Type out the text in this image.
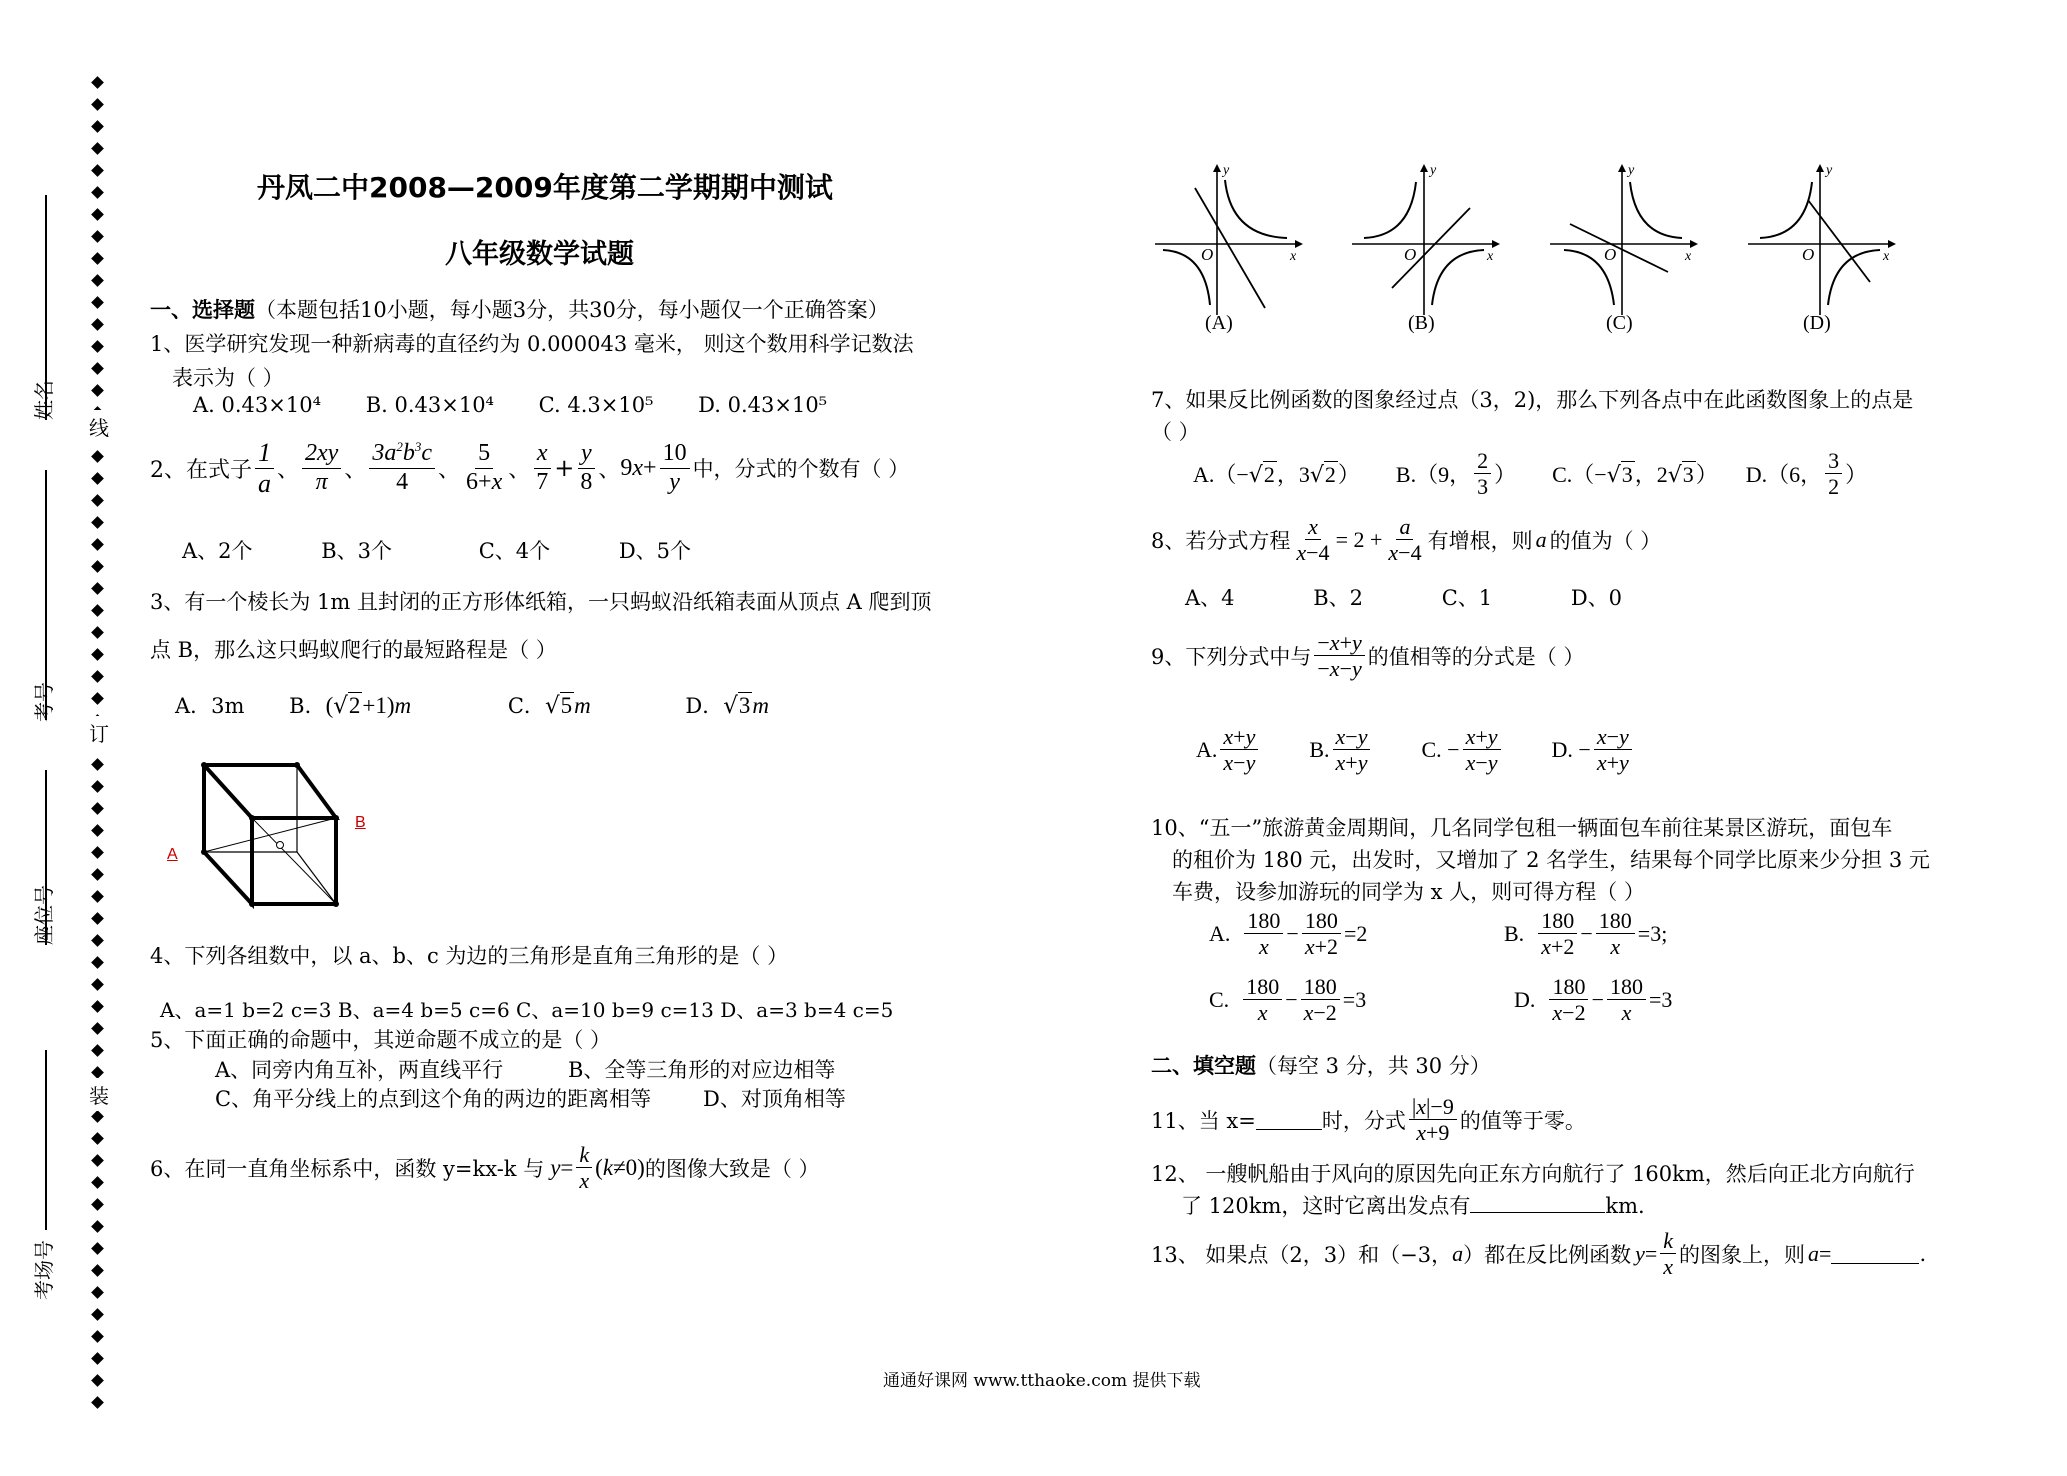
姓名
考号
座位号
考场号
线
订
装
丹凤二中2008—2009年度第二学期期中测试
八年级数学试题
一、选择题（本题包括10小题，每小题3分，共30分，每小题仅一个正确答案）
1、医学研究发现一种新病毒的直径约为 0.000043 毫米， 则这个数用科学记数法
表示为（ ）
A. 0.43×10⁴ B. 0.43×10⁴ C. 4.3×10⁵ D. 0.43×10⁵
2、在式子 $\frac{1}{a}$ 、 $\frac{2xy}{\pi}$ 、 $\frac{3a^2b^3c}{4}$ 、 $\frac{5}{6+x}$ 、 $\frac{x}{7} + \frac{y}{8}$ 、 $9x+ \frac{10}{y}$ 中，分式的个数有（ ）
A、2个	B、3个	C、4个	D、5个
3、有一个棱长为 1m 且封闭的正方形体纸箱，一只蚂蚁沿纸箱表面从顶点 A 爬到顶
点 B，那么这只蚂蚁爬行的最短路程是（ ）
A．3m B．(√2+1)m	C．√5m	D．√3m
A
B
4、下列各组数中，以 a、b、c 为边的三角形是直角三角形的是（ ）
A、a=1 b=2 c=3 B、a=4 b=5 c=6 C、a=10 b=9 c=13 D、a=3 b=4 c=5
5、下面正确的命题中，其逆命题不成立的是（ ）
A、同旁内角互补，两直线平行	B、全等三角形的对应边相等
C、角平分线上的点到这个角的两边的距离相等 D、对顶角相等
6、在同一直角坐标系中，函数 y=kx-k 与 $y = \frac{k}{x} (k\ne 0)$ 的图像大致是（ ）
y
x
O
y
x
O
y
x
O
y
x
O
(A)	(B)	(C)	(D)
7、如果反比例函数的图象经过点（3，2)，那么下列各点中在此函数图象上的点是
（ ）
A.（−√2，3√2） B.（9， $\frac{2}{3}$ ） C.（−√3，2√3） D.（6， $\frac{3}{2}$ ）
8、若分式方程 $\frac{x}{x-4} = 2 + \frac{a}{x-4}$ 有增根，则 a 的值为（ ）
A、4	B、2	C、1	D、0
9、下列分式中与 $\frac{-x+y}{-x-y}$ 的值相等的分式是（ ）
A. $\frac{x+y}{x-y} B$. $\frac{x-y}{x+y} C$. − $\frac{x+y}{x-y} D$. − $\frac{x-y}{x+y}$
10、“五一”旅游黄金周期间，几名同学包租一辆面包车前往某景区游玩，面包车
的租价为 180 元，出发时，又增加了 2 名学生，结果每个同学比原来少分担 3 元
车费，设参加游玩的同学为 x 人，则可得方程（ ）
A. $\frac{180}{x} - \frac{180}{x+2} =2$	B. $\frac{180}{x+2} - \frac{180}{x} =3$;
C. $\frac{180}{x} - \frac{180}{x-2} =3$	D. $\frac{180}{x-2} - \frac{180}{x} =3$
二、填空题（每空 3 分，共 30 分）
11、当 x=	时，分式 $\frac{|x|-9}{x+9}$ 的值等于零。
12、 一艘帆船由于风向的原因先向正东方向航行了 160km，然后向正北方向航行
了 120km，这时它离出发点有	km.
13、 如果点（2，3）和（−3， a ）都在反比例函数 $y = \frac{k}{x}$ 的图象上，则 a =	.
通通好课网 www.tthaoke.com 提供下载
